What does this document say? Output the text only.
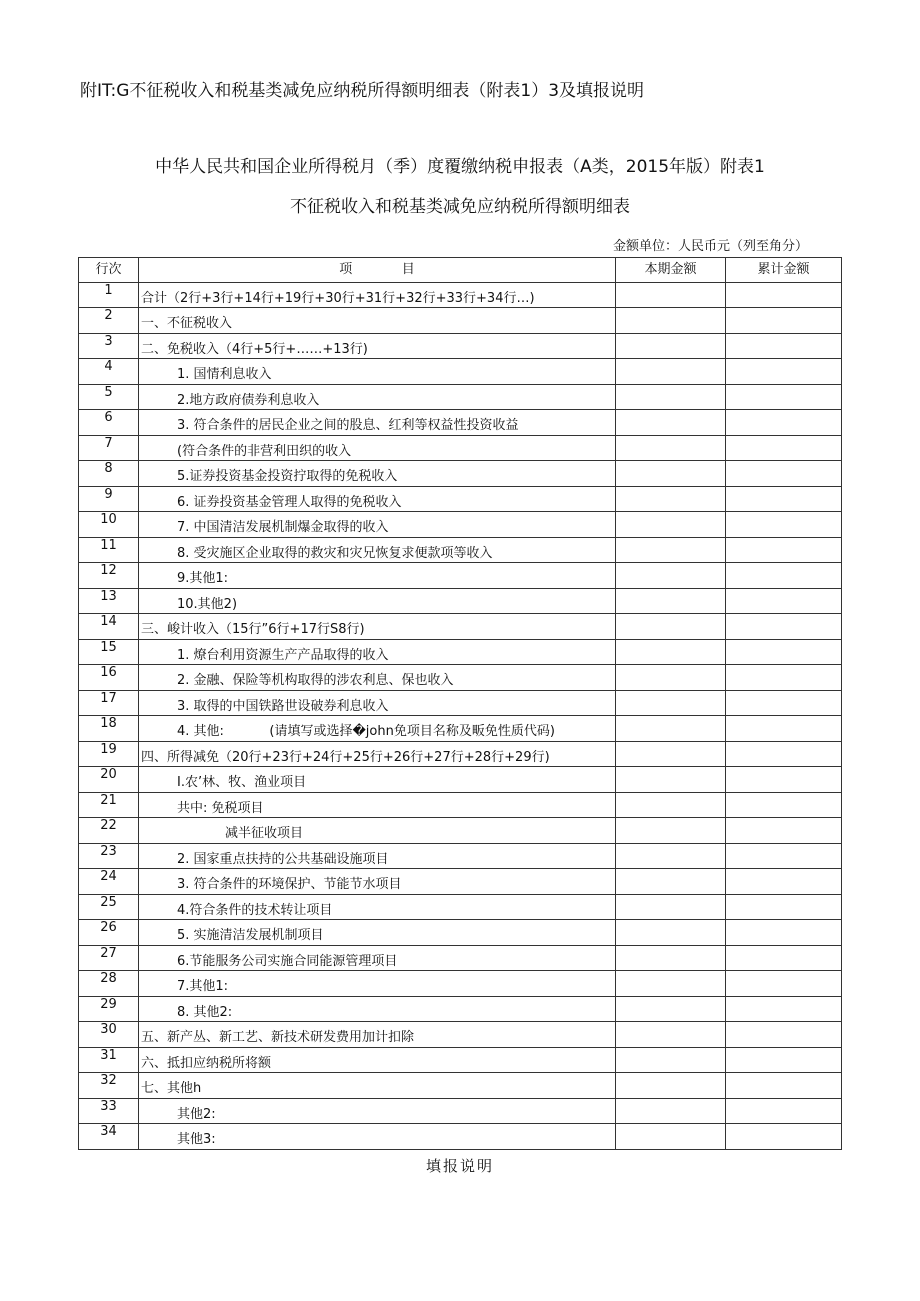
附IT:G不征税收入和税基类减免应纳税所得额明细表（附表1）3及填报说明
中华人民共和国企业所得税月（季）度覆缴纳税申报表（A类，2015年版）附表1
不征税收入和税基类减免应纳税所得额明细表
金额单位：人民币元（列至角分）
行次	项            目	本期金额	累计金额
1	合计（2行+3行+14行+19行+30行+31行+32行+33行+34行…)		
2	一、不征税收入		
3	二、免税收入（4行+5行+……+13行)		
4	1. 国情利息收入		
5	2.地方政府债券利息收入		
6	3. 符合条件的居民企业之间的股息、红利等权益性投资收益		
7	(符合条件的非营利田织的收入		
8	5.证券投资基金投资拧取得的免税收入		
9	6. 证券投资基金管理人取得的免税收入		
10	7. 中国清洁发展机制爆金取得的收入		
11	8. 受灾施区企业取得的救灾和灾兄恢复求便款项等收入		
12	9.其他1:		
13	10.其他2)		
14	三、峻计收入（15行”6行+17行S8行)		
15	1. 燎台利用资源生产产品取得的收入		
16	2. 金融、保险等机构取得的涉农利息、保也收入		
17	3. 取得的中国铁路世设破券利息收入		
18	4. 其他:           (请填写或选择�john免项目名称及畈免性质代码)		
19	四、所得减免（20行+23行+24行+25行+26行+27行+28行+29行)		
20	I.农’林、牧、渔业项目		
21	共中: 免税项目		
22	减半征收项目		
23	2. 国家重点扶持的公共基础设施项目		
24	3. 符合条件的环境保护、节能节水项目		
25	4.符合条件的技术转让项目		
26	5. 实施清洁发展机制项目		
27	6.节能服务公司实施合同能源管理项目		
28	7.其他1:		
29	8. 其他2:		
30	五、新产丛、新工艺、新技术研发费用加计扣除		
31	六、抵扣应纳税所将额		
32	七、其他h		
33	其他2:		
34	其他3:		
填报说明
